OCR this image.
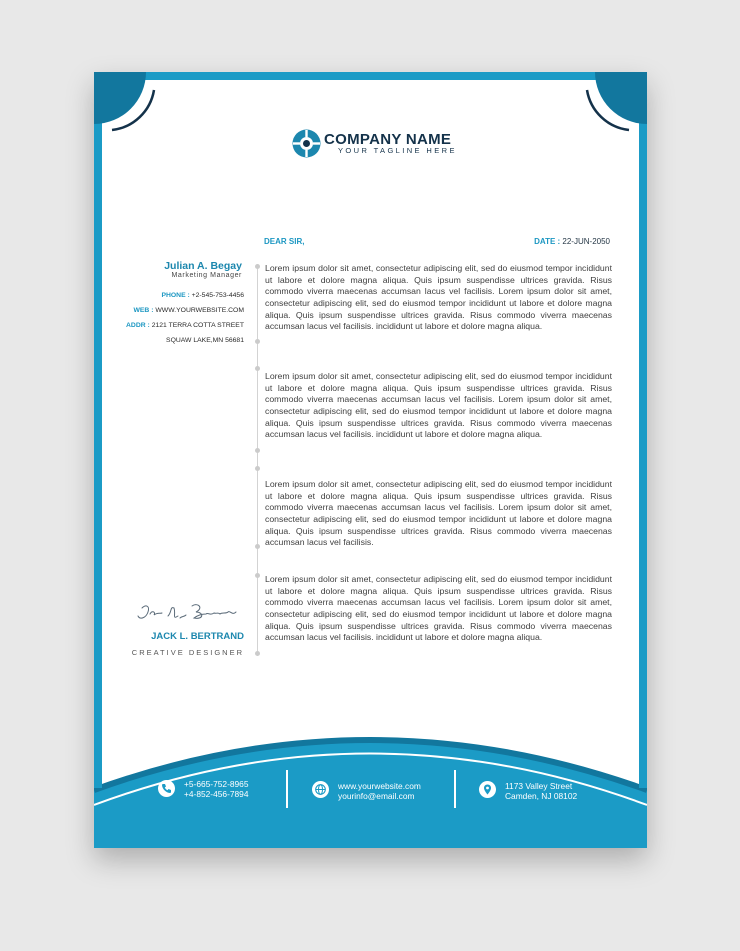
COMPANY NAME
YOUR TAGLINE HERE
DEAR SIR,	DATE : 22-JUN-2050
Julian A. Begay
Marketing Manager
PHONE : +2-545-753-4456
WEB : WWW.YOURWEBSITE.COM
ADDR : 2121 TERRA COTTA STREET
SQUAW LAKE,MN 56681

Lorem ipsum dolor sit amet, consectetur adipiscing elit, sed do eiusmod tempor incididunt ut labore et dolore magna aliqua. Quis ipsum suspendisse ultrices gravida. Risus commodo viverra maecenas accumsan lacus vel facilisis. Lorem ipsum dolor sit amet, consectetur adipiscing elit, sed do eiusmod tempor incididunt ut labore et dolore magna aliqua. Quis ipsum suspendisse ultrices gravida. Risus commodo viverra maecenas accumsan lacus vel facilisis. incididunt ut labore et dolore magna aliqua.

Lorem ipsum dolor sit amet, consectetur adipiscing elit, sed do eiusmod tempor incididunt ut labore et dolore magna aliqua. Quis ipsum suspendisse ultrices gravida. Risus commodo viverra maecenas accumsan lacus vel facilisis. Lorem ipsum dolor sit amet, consectetur adipiscing elit, sed do eiusmod tempor incididunt ut labore et dolore magna aliqua. Quis ipsum suspendisse ultrices gravida. Risus commodo viverra maecenas accumsan lacus vel facilisis. incididunt ut labore et dolore magna aliqua.

Lorem ipsum dolor sit amet, consectetur adipiscing elit, sed do eiusmod tempor incididunt ut labore et dolore magna aliqua. Quis ipsum suspendisse ultrices gravida. Risus commodo viverra maecenas accumsan lacus vel facilisis. Lorem ipsum dolor sit amet, consectetur adipiscing elit, sed do eiusmod tempor incididunt ut labore et dolore magna aliqua. Quis ipsum suspendisse ultrices gravida. Risus commodo viverra maecenas accumsan lacus vel facilisis.

Lorem ipsum dolor sit amet, consectetur adipiscing elit, sed do eiusmod tempor incididunt ut labore et dolore magna aliqua. Quis ipsum suspendisse ultrices gravida. Risus commodo viverra maecenas accumsan lacus vel facilisis. Lorem ipsum dolor sit amet, consectetur adipiscing elit, sed do eiusmod tempor incididunt ut labore et dolore magna aliqua. Quis ipsum suspendisse ultrices gravida. Risus commodo viverra maecenas accumsan lacus vel facilisis. incididunt ut labore et dolore magna aliqua.

JACK L. BERTRAND
CREATIVE DESIGNER
+5-665-752-8965
+4-852-456-7894
www.yourwebsite.com
yourinfo@email.com
1173 Valley Street
Camden, NJ 08102
